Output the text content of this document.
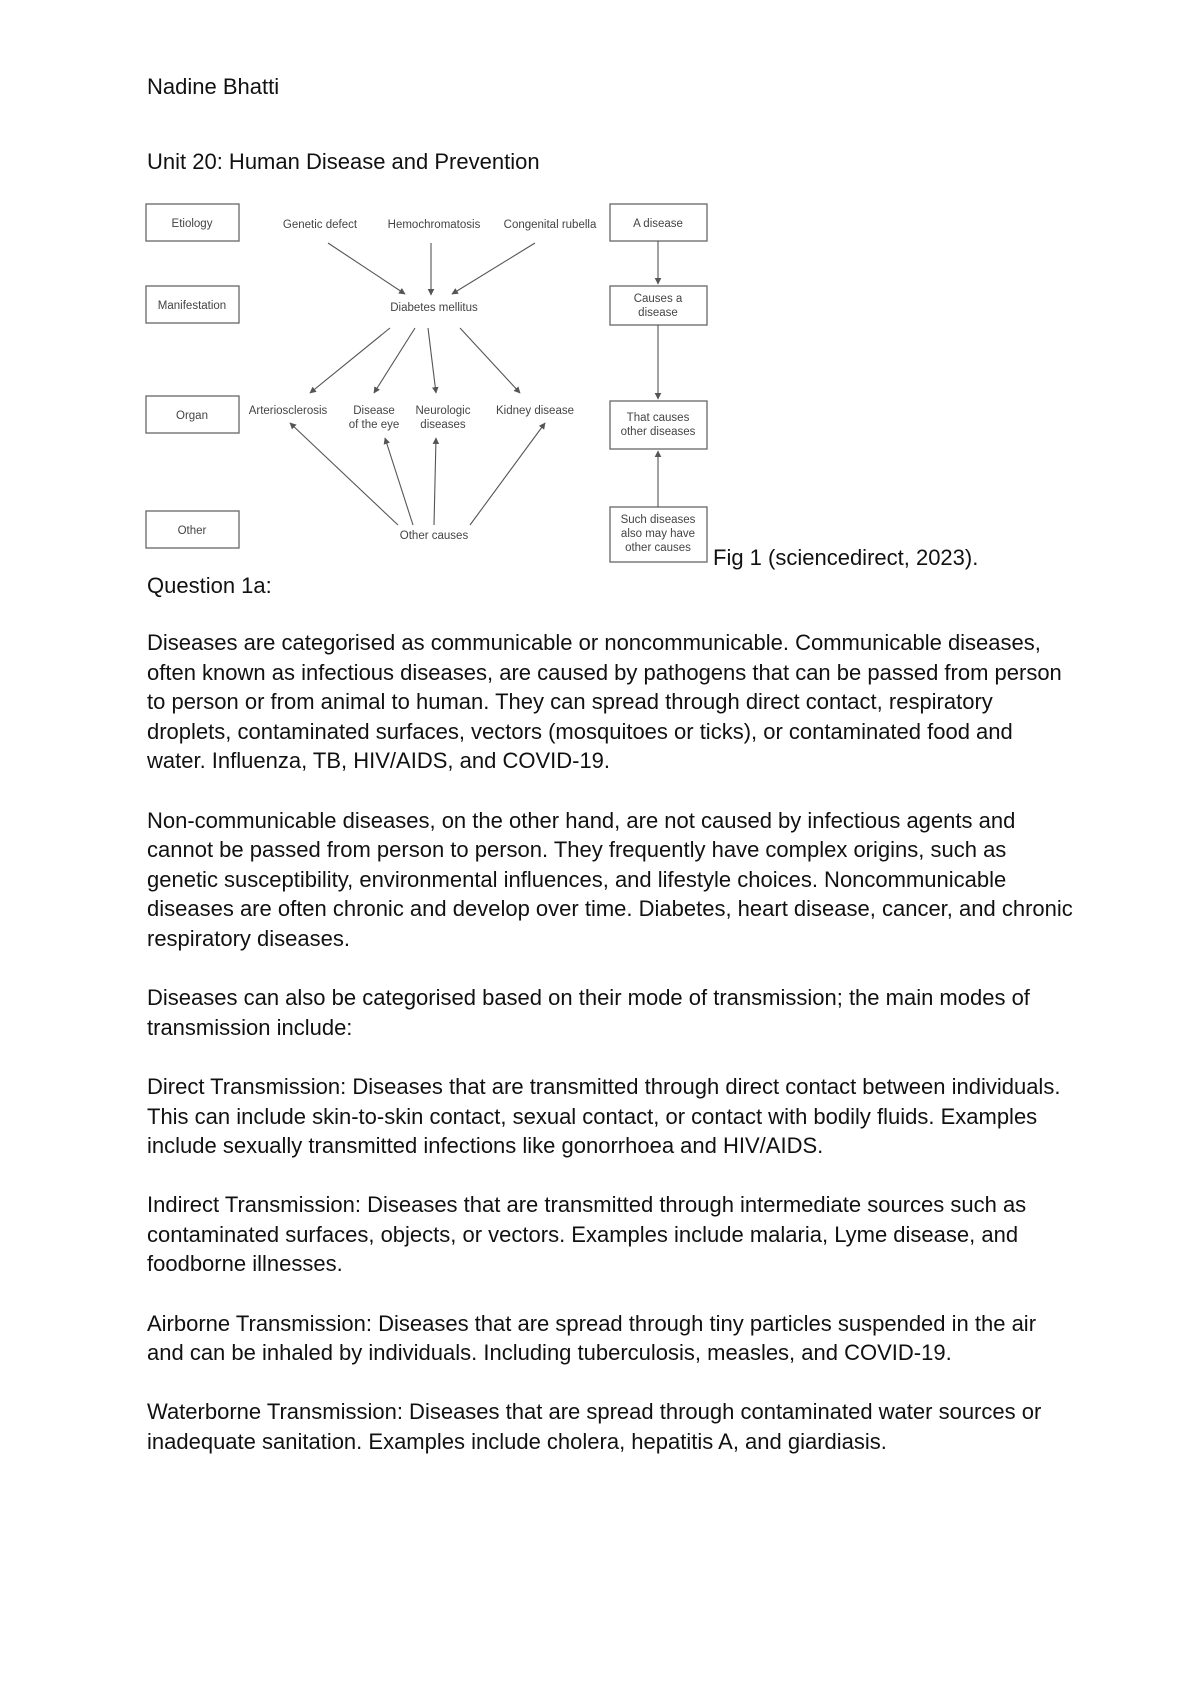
Nadine Bhatti
Unit 20: Human Disease and Prevention
Etiology
Manifestation
Organ
Other
Genetic defect	Hemochromatosis Congenital rubella
Diabetes mellitus
Arteriosclerosis Disease
of the eye
Neurologic
diseases
Kidney disease
Other causes
A disease
Causes a
disease
That causes
other diseases
Such diseases
also may have
other causes Fig 1 (sciencedirect, 2023).
Question 1a:

Diseases are categorised as communicable or noncommunicable. Communicable diseases, often known as infectious diseases, are caused by pathogens that can be passed from person to person or from animal to human. They can spread through direct contact, respiratory droplets, contaminated surfaces, vectors (mosquitoes or ticks), or contaminated food and water. Influenza, TB, HIV/AIDS, and COVID-19.

Non-communicable diseases, on the other hand, are not caused by infectious agents and cannot be passed from person to person. They frequently have complex origins, such as genetic susceptibility, environmental influences, and lifestyle choices. Noncommunicable diseases are often chronic and develop over time. Diabetes, heart disease, cancer, and chronic respiratory diseases.

Diseases can also be categorised based on their mode of transmission; the main modes of transmission include:

Direct Transmission: Diseases that are transmitted through direct contact between individuals. This can include skin-to-skin contact, sexual contact, or contact with bodily fluids. Examples include sexually transmitted infections like gonorrhoea and HIV/AIDS.

Indirect Transmission: Diseases that are transmitted through intermediate sources such as contaminated surfaces, objects, or vectors. Examples include malaria, Lyme disease, and foodborne illnesses.

Airborne Transmission: Diseases that are spread through tiny particles suspended in the air and can be inhaled by individuals. Including tuberculosis, measles, and COVID-19.

Waterborne Transmission: Diseases that are spread through contaminated water sources or inadequate sanitation. Examples include cholera, hepatitis A, and giardiasis.
